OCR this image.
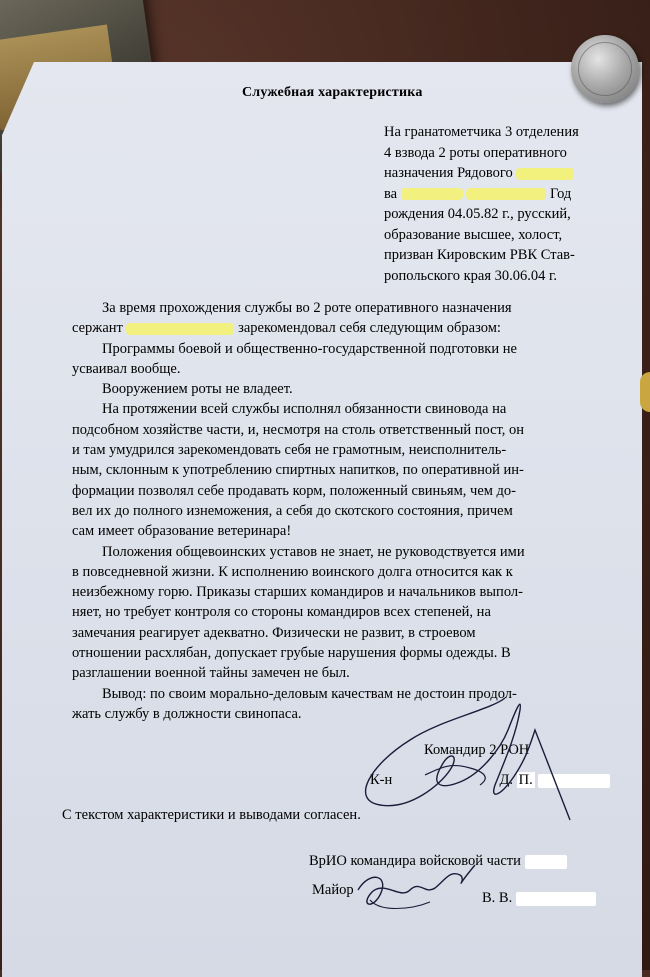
Служебная характеристика
На гранатометчика 3 отделения
4 взвода 2 роты оперативного
назначения Рядового
ва	Год
рождения 04.05.82 г., русский,
образование высшее, холост,
призван Кировским РВК Став-
ропольского края 30.06.04 г.
За время прохождения службы во 2 роте оперативного назначения
сержант	зарекомендовал себя следующим образом:
Программы боевой и общественно-государственной подготовки не
усваивал вообще.
Вооружением роты не владеет.
На протяжении всей службы исполнял обязанности свиновода на
подсобном хозяйстве части, и, несмотря на столь ответственный пост, он
и там умудрился зарекомендовать себя не грамотным, неисполнитель-
ным, склонным к употреблению спиртных напитков, по оперативной ин-
формации позволял себе продавать корм, положенный свиньям, чем до-
вел их до полного изнеможения, а себя до скотского состояния, причем
сам имеет образование ветеринара!
Положения общевоинских уставов не знает, не руководствуется ими
в повседневной жизни. К исполнению воинского долга относится как к
неизбежному горю. Приказы старших командиров и начальников выпол-
няет, но требует контроля со стороны командиров всех степеней, на
замечания реагирует адекватно. Физически не развит, в строевом
отношении расхлябан, допускает грубые нарушения формы одежды. В
разглашении военной тайны замечен не был.
Вывод: по своим морально-деловым качествам не достоин продол-
жать службу в должности свинопаса.
Командир 2 РОН
К-н	Д. П.
С текстом характеристики и выводами согласен.
ВрИО командира войсковой части
Майор	В. В.
